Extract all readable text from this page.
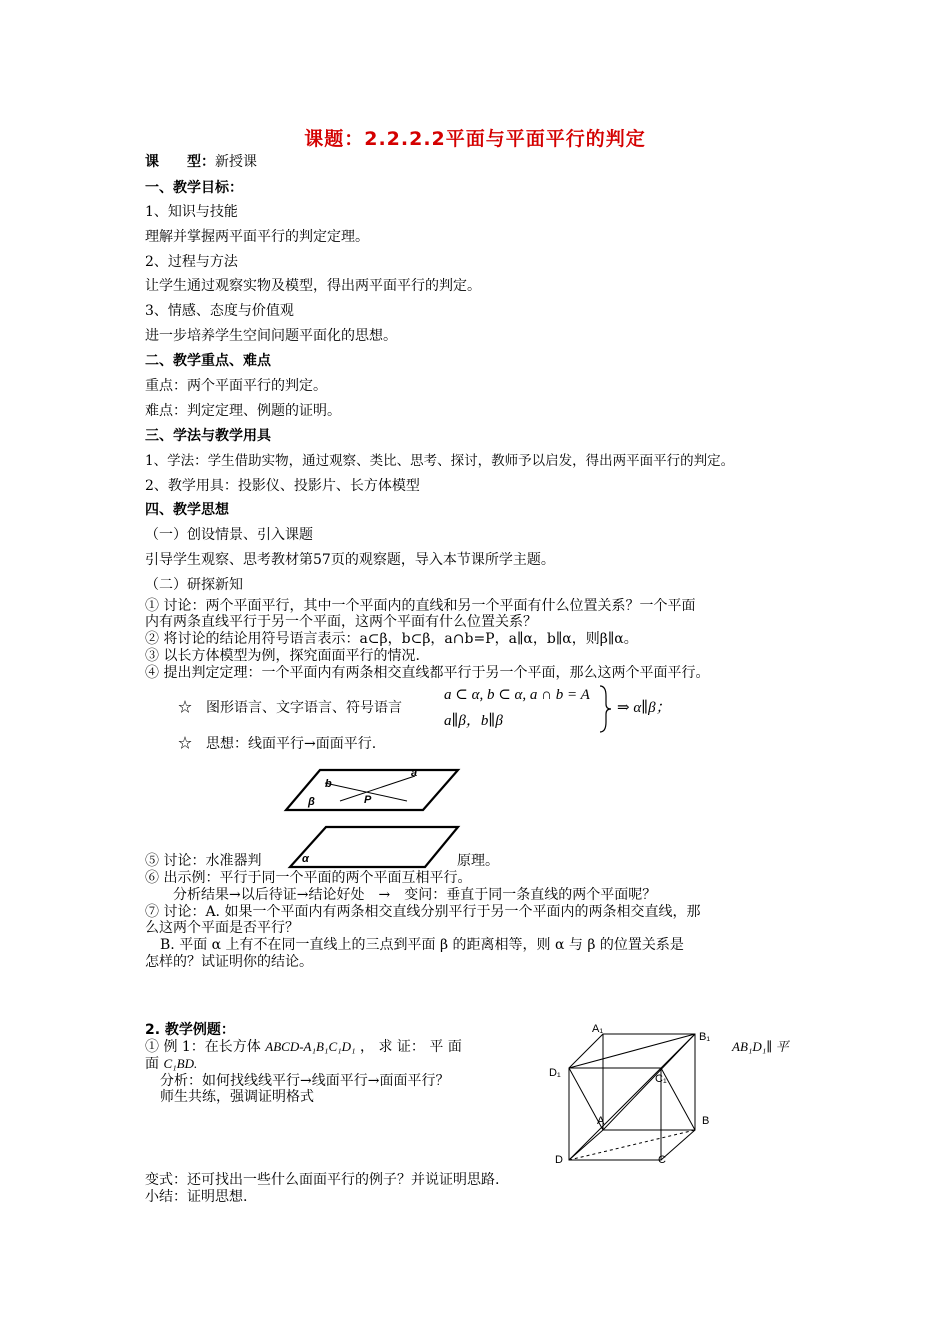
课题：2.2.2.2平面与平面平行的判定
课　　型：新授课
一、教学目标：
1、知识与技能
理解并掌握两平面平行的判定定理。
2、过程与方法
让学生通过观察实物及模型，得出两平面平行的判定。
3、情感、态度与价值观
进一步培养学生空间问题平面化的思想。
二、教学重点、难点
重点：两个平面平行的判定。
难点：判定定理、例题的证明。
三、学法与教学用具
1、学法：学生借助实物，通过观察、类比、思考、探讨，教师予以启发，得出两平面平行的判定。
2、教学用具：投影仪、投影片、长方体模型
四、教学思想
（一）创设情景、引入课题
引导学生观察、思考教材第57页的观察题，导入本节课所学主题。
（二）研探新知
① 讨论：两个平面平行，其中一个平面内的直线和另一个平面有什么位置关系？一个平面
内有两条直线平行于另一个平面，这两个平面有什么位置关系？
② 将讨论的结论用符号语言表示：a⊂β，b⊂β，a∩b=P，a∥α，b∥α，则β∥α。
③ 以长方体模型为例，探究面面平行的情况.
④ 提出判定定理：一个平面内有两条相交直线都平行于另一个平面，那么这两个平面平行。
☆　图形语言、文字语言、符号语言
a ⊂ α, b ⊂ α, a ∩ b = A
a∥β，b∥β
⇒ α∥β；
☆　思想：线面平行→面面平行.
a
b
β	P
α
⑤ 讨论：水准器判	原理。
⑥ 出示例：平行于同一个平面的两个平面互相平行。
分析结果→以后待证→结论好处　→　变问：垂直于同一条直线的两个平面呢？
⑦ 讨论：A. 如果一个平面内有两条相交直线分别平行于另一个平面内的两条相交直线，那
么这两个平面是否平行？
B. 平面 α 上有不在同一直线上的三点到平面 β 的距离相等，则 α 与 β 的位置关系是
怎样的？试证明你的结论。
2. 教学例题：
① 例 1：在长方体 ABCD-A₁B₁C₁D₁ ， 求 证： 平 面	AB₁D₁∥ 平
面 C₁BD.
分析：如何找线线平行→线面平行→面面平行？
师生共练，强调证明格式
A₁
B₁
C₁
D₁
A	B
C
D
变式：还可找出一些什么面面平行的例子？并说证明思路.
小结：证明思想.
